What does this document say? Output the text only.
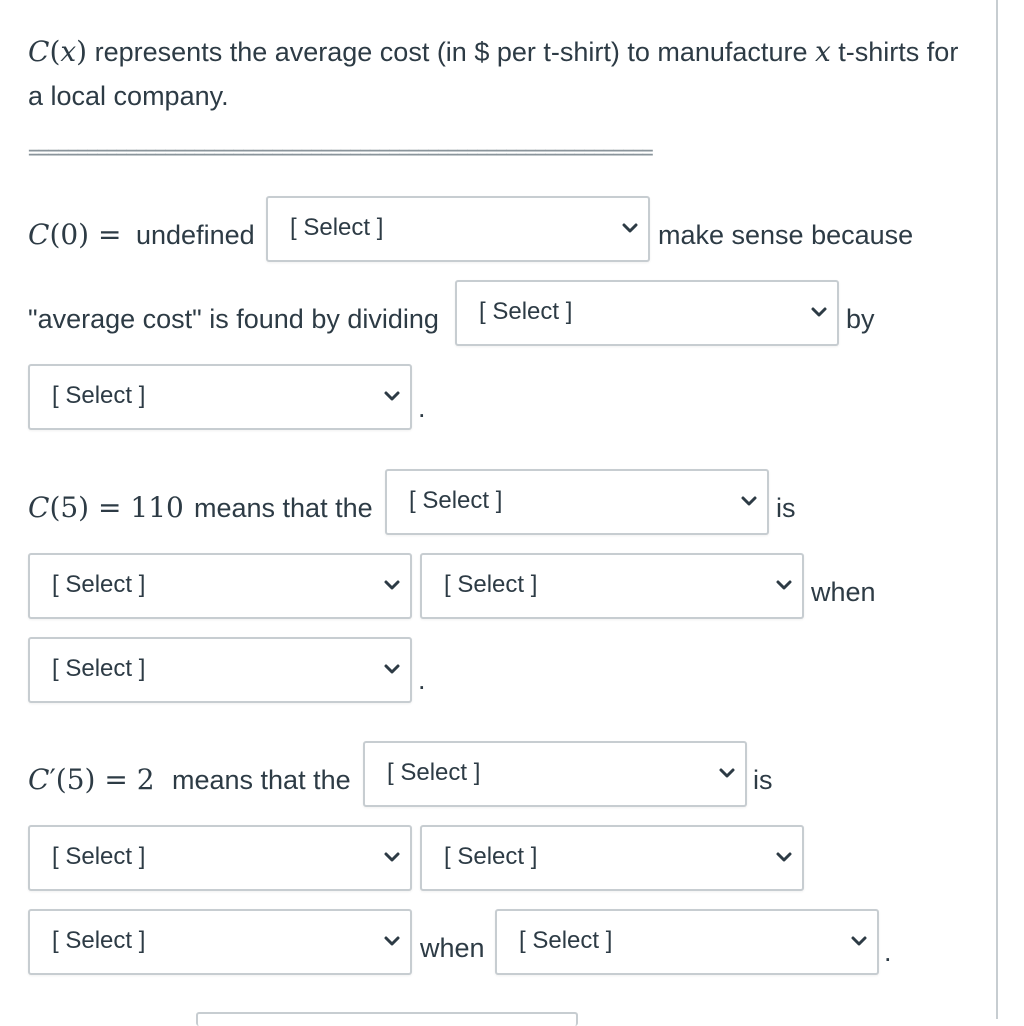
C(x) represents the average cost (in $ per t-shirt) to manufacture x t-shirts for a local company.
================================================================
C(0) = undefined [ Select ]	make sense because
"average cost" is found by dividing [ Select ]	by
[ Select ]	.
C(5) = 110 means that the [ Select ]	is
[ Select ]	[ Select ]	when
[ Select ]	.
C′(5) = 2 means that the [ Select ]	is
[ Select ]	[ Select ]
[ Select ]	when [ Select ]	.
